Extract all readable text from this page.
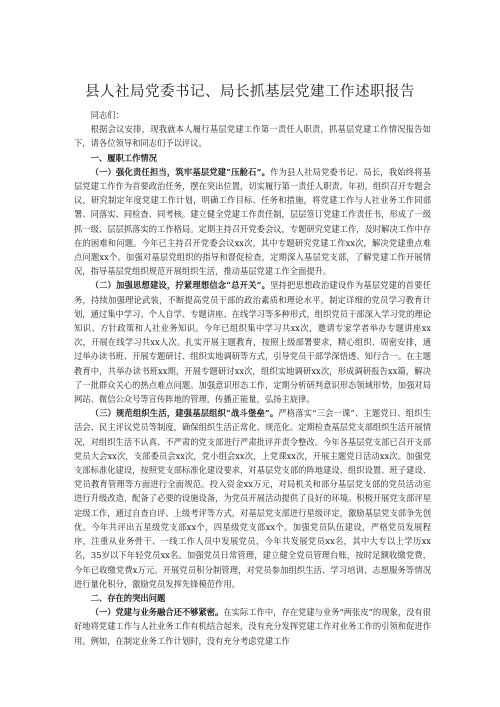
县人社局党委书记、局长抓基层党建工作述职报告

同志们：

根据会议安排，现我就本人履行基层党建工作第一责任人职责，抓基层党建工作情况报告如下，请各位领导和同志们予以评议。

一、履职工作情况

（一）强化责任担当，筑牢基层党建“压舱石”。作为县人社局党委书记、局长，我始终将基层党建工作作为首要政治任务，摆在突出位置，切实履行第一责任人职责。年初，组织召开专题会议，研究制定年度党建工作计划，明确工作目标、任务和措施，将党建工作与人社业务工作同部署、同落实、同检查、同考核。建立健全党建工作责任制，层层签订党建工作责任书，形成了一级抓一级、层层抓落实的工作格局。定期主持召开党委会议，专题研究党建工作，及时解决工作中存在的困难和问题。今年已主持召开党委会议xx次，其中专题研究党建工作xx次，解决党建重点难点问题xx个。加强对基层党组织的指导和督促检查，定期深入基层党支部，了解党建工作开展情况，指导基层党组织规范开展组织生活，推动基层党建工作全面提升。

（二）加强思想建设，拧紧理想信念“总开关”。坚持把思想政治建设作为基层党建的首要任务，持续加强理论武装，不断提高党员干部的政治素质和理论水平。制定详细的党员学习教育计划，通过集中学习、个人自学、专题讲座、在线学习等多种形式，组织党员干部深入学习党的理论知识、方针政策和人社业务知识。今年已组织集中学习共xx次，邀请专家学者举办专题讲座xx次，开展在线学习共xx人次。扎实开展主题教育，按照上级部署要求，精心组织、周密安排，通过举办读书班、开展专题研讨、组织实地调研等方式，引导党员干部学深悟透、知行合一。在主题教育中，共举办读书班xx期，开展专题研讨xx次，组织实地调研xx次，形成调研报告xx篇，解决了一批群众关心的热点难点问题。加强意识形态工作，定期分析研判意识形态领域形势，加强对局网站、微信公众号等宣传阵地的管理，传播正能量，弘扬主旋律。

（三）规范组织生活，建强基层组织“战斗堡垒”。严格落实“三会一课”、主题党日、组织生活会、民主评议党员等制度，确保组织生活正常化、规范化。定期检查基层党支部组织生活开展情况，对组织生活不认真、不严肃的党支部进行严肃批评并责令整改。今年各基层党支部已召开支部党员大会xx次，支部委员会xx次，党小组会xx次，上党课xx次，开展主题党日活动xx次。加强党支部标准化建设，按照党支部标准化建设要求，对基层党支部的阵地建设、组织设置、班子建设、党员教育管理等方面进行全面规范。投入资金xx万元，对局机关和部分基层党支部的党员活动室进行升级改造，配备了必要的设施设备，为党员开展活动提供了良好的环境。积极开展党支部评星定级工作，通过自查自评、上级考评等方式，对基层党支部进行星级评定，激励基层党支部争先创优。今年共评出五星级党支部xx个，四星级党支部xx个。加强党员队伍建设，严格党员发展程序，注重从业务骨干、一线工作人员中发展党员，今年共发展党员xx名，其中大专以上学历xx名，35岁以下年轻党员xx名。加强党员日常管理，建立健全党员管理台账，按时足额收缴党费，今年已收缴党费x万元。开展党员积分制管理，对党员参加组织生活、学习培训、志愿服务等情况进行量化积分，激励党员发挥先锋模范作用。

二、存在的突出问题

（一）党建与业务融合还不够紧密。在实际工作中，存在党建与业务“两张皮”的现象，没有很好地将党建工作与人社业务工作有机结合起来，没有充分发挥党建工作对业务工作的引领和促进作用。例如，在制定业务工作计划时，没有充分考虑党建工作
